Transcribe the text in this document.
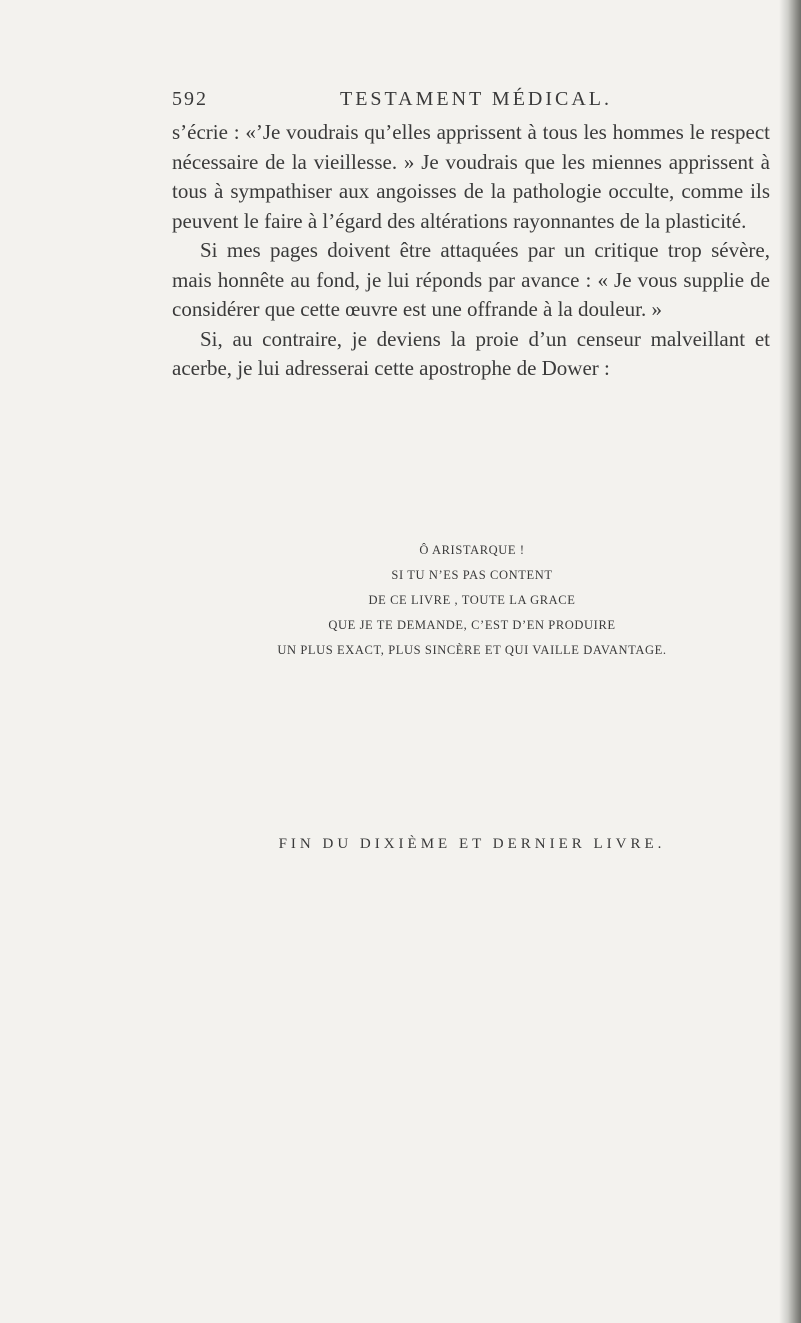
592	TESTAMENT MÉDICAL.

s’écrie : «’Je voudrais qu’elles apprissent à tous les hommes le respect nécessaire de la vieillesse. » Je voudrais que les miennes apprissent à tous à sympathiser aux angoisses de la pathologie occulte, comme ils peuvent le faire à l’égard des altérations rayonnantes de la plasticité.

Si mes pages doivent être attaquées par un critique trop sévère, mais honnête au fond, je lui réponds par avance : « Je vous supplie de considérer que cette œuvre est une offrande à la douleur. »

Si, au contraire, je deviens la proie d’un censeur malveillant et acerbe, je lui adresserai cette apostrophe de Dower :

Ô ARISTARQUE !
SI TU N’ES PAS CONTENT
DE CE LIVRE , TOUTE LA GRACE
QUE JE TE DEMANDE, C’EST D’EN PRODUIRE
UN PLUS EXACT, PLUS SINCÈRE ET QUI VAILLE DAVANTAGE.
FIN DU DIXIÈME ET DERNIER LIVRE.
